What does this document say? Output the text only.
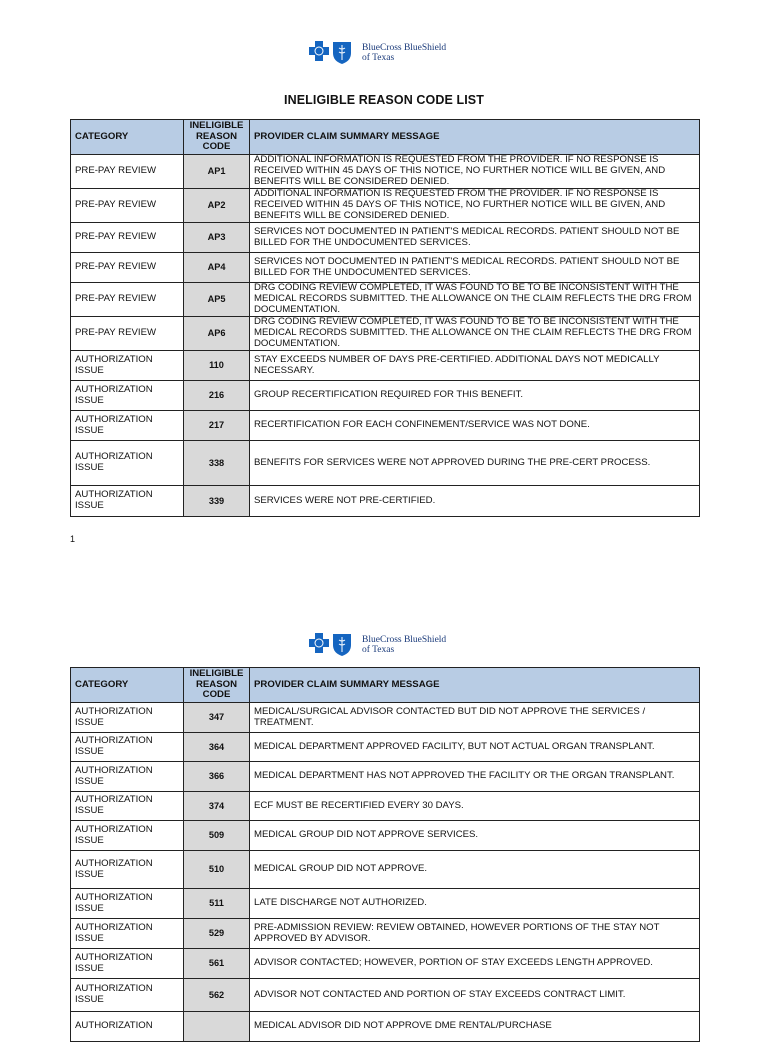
BlueCross BlueShield
of Texas
INELIGIBLE REASON CODE LIST
CATEGORY	INELIGIBLE REASON CODE	PROVIDER CLAIM SUMMARY MESSAGE
PRE-PAY REVIEW	AP1	ADDITIONAL INFORMATION IS REQUESTED FROM THE PROVIDER. IF NO RESPONSE IS RECEIVED WITHIN 45 DAYS OF THIS NOTICE, NO FURTHER NOTICE WILL BE GIVEN, AND BENEFITS WILL BE CONSIDERED DENIED.
PRE-PAY REVIEW	AP2	ADDITIONAL INFORMATION IS REQUESTED FROM THE PROVIDER. IF NO RESPONSE IS RECEIVED WITHIN 45 DAYS OF THIS NOTICE, NO FURTHER NOTICE WILL BE GIVEN, AND BENEFITS WILL BE CONSIDERED DENIED.
PRE-PAY REVIEW	AP3	SERVICES NOT DOCUMENTED IN PATIENT'S MEDICAL RECORDS. PATIENT SHOULD NOT BE BILLED FOR THE UNDOCUMENTED SERVICES.
PRE-PAY REVIEW	AP4	SERVICES NOT DOCUMENTED IN PATIENT'S MEDICAL RECORDS. PATIENT SHOULD NOT BE BILLED FOR THE UNDOCUMENTED SERVICES.
PRE-PAY REVIEW	AP5	DRG CODING REVIEW COMPLETED, IT WAS FOUND TO BE TO BE INCONSISTENT WITH THE MEDICAL RECORDS SUBMITTED. THE ALLOWANCE ON THE CLAIM REFLECTS THE DRG FROM DOCUMENTATION.
PRE-PAY REVIEW	AP6	DRG CODING REVIEW COMPLETED, IT WAS FOUND TO BE TO BE INCONSISTENT WITH THE MEDICAL RECORDS SUBMITTED. THE ALLOWANCE ON THE CLAIM REFLECTS THE DRG FROM DOCUMENTATION.
AUTHORIZATION ISSUE	110	STAY EXCEEDS NUMBER OF DAYS PRE-CERTIFIED. ADDITIONAL DAYS NOT MEDICALLY NECESSARY.
AUTHORIZATION ISSUE	216	GROUP RECERTIFICATION REQUIRED FOR THIS BENEFIT.
AUTHORIZATION ISSUE	217	RECERTIFICATION FOR EACH CONFINEMENT/SERVICE WAS NOT DONE.
AUTHORIZATION ISSUE	338	BENEFITS FOR SERVICES WERE NOT APPROVED DURING THE PRE-CERT PROCESS.
AUTHORIZATION ISSUE	339	SERVICES WERE NOT PRE-CERTIFIED.
1
BlueCross BlueShield
of Texas
CATEGORY	INELIGIBLE REASON CODE	PROVIDER CLAIM SUMMARY MESSAGE
AUTHORIZATION ISSUE	347	MEDICAL/SURGICAL ADVISOR CONTACTED BUT DID NOT APPROVE THE SERVICES / TREATMENT.
AUTHORIZATION ISSUE	364	MEDICAL DEPARTMENT APPROVED FACILITY, BUT NOT ACTUAL ORGAN TRANSPLANT.
AUTHORIZATION ISSUE	366	MEDICAL DEPARTMENT HAS NOT APPROVED THE FACILITY OR THE ORGAN TRANSPLANT.
AUTHORIZATION ISSUE	374	ECF MUST BE RECERTIFIED EVERY 30 DAYS.
AUTHORIZATION ISSUE	509	MEDICAL GROUP DID NOT APPROVE SERVICES.
AUTHORIZATION ISSUE	510	MEDICAL GROUP DID NOT APPROVE.
AUTHORIZATION ISSUE	511	LATE DISCHARGE NOT AUTHORIZED.
AUTHORIZATION ISSUE	529	PRE-ADMISSION REVIEW: REVIEW OBTAINED, HOWEVER PORTIONS OF THE STAY NOT APPROVED BY ADVISOR.
AUTHORIZATION ISSUE	561	ADVISOR CONTACTED; HOWEVER, PORTION OF STAY EXCEEDS LENGTH APPROVED.
AUTHORIZATION ISSUE	562	ADVISOR NOT CONTACTED AND PORTION OF STAY EXCEEDS CONTRACT LIMIT.
AUTHORIZATION		MEDICAL ADVISOR DID NOT APPROVE DME RENTAL/PURCHASE
